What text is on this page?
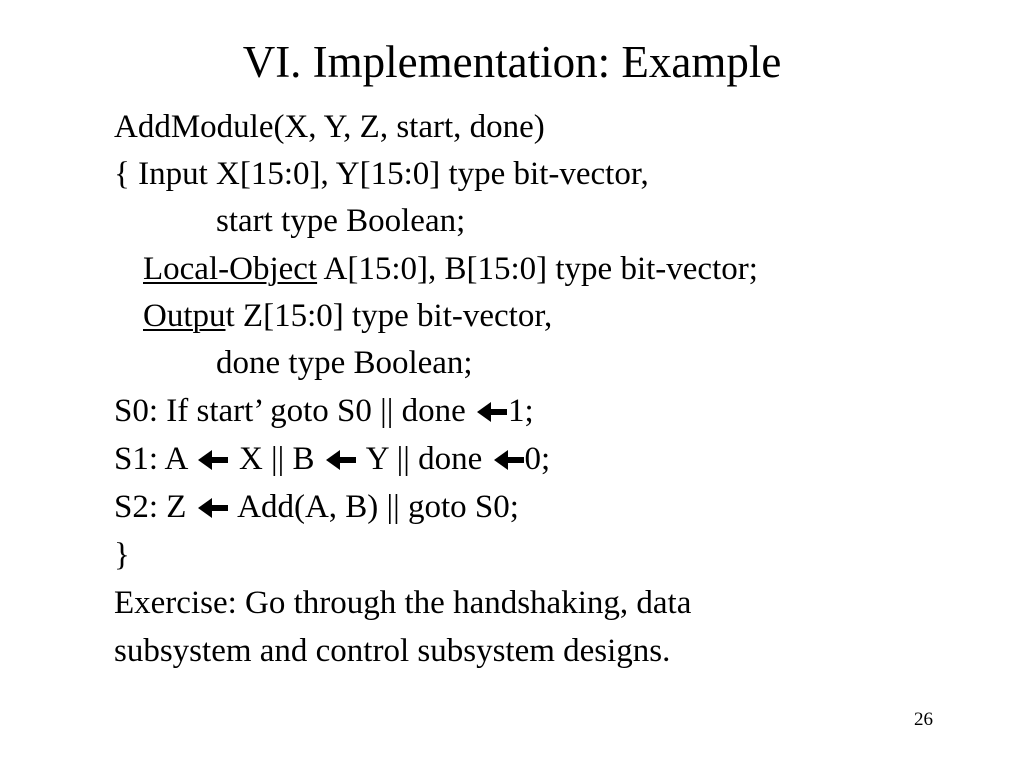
VI. Implementation: Example
AddModule(X, Y, Z, start, done)
{ Input X[15:0], Y[15:0] type bit-vector,
start type Boolean;
Local-Object A[15:0], B[15:0] type bit-vector;
Output Z[15:0] type bit-vector,
done type Boolean;
S0: If start’ goto S0 || done 1;
S1: A  X || B  Y || done 0;
S2: Z  Add(A, B) || goto S0;
}
Exercise: Go through the handshaking, data
subsystem and control subsystem designs.
26
